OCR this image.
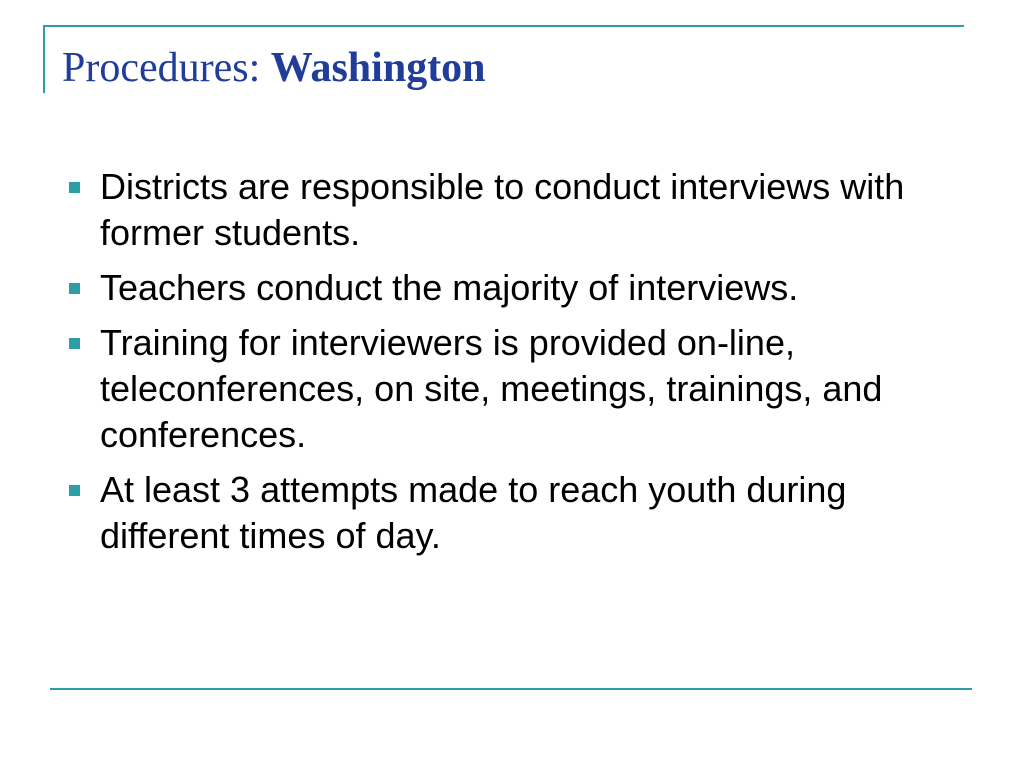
Procedures: Washington
Districts are responsible to conduct interviews with former students.
Teachers conduct the majority of interviews.
Training for interviewers is provided on-line, teleconferences, on site, meetings, trainings, and conferences.
At least 3 attempts made to reach youth during different times of day.
